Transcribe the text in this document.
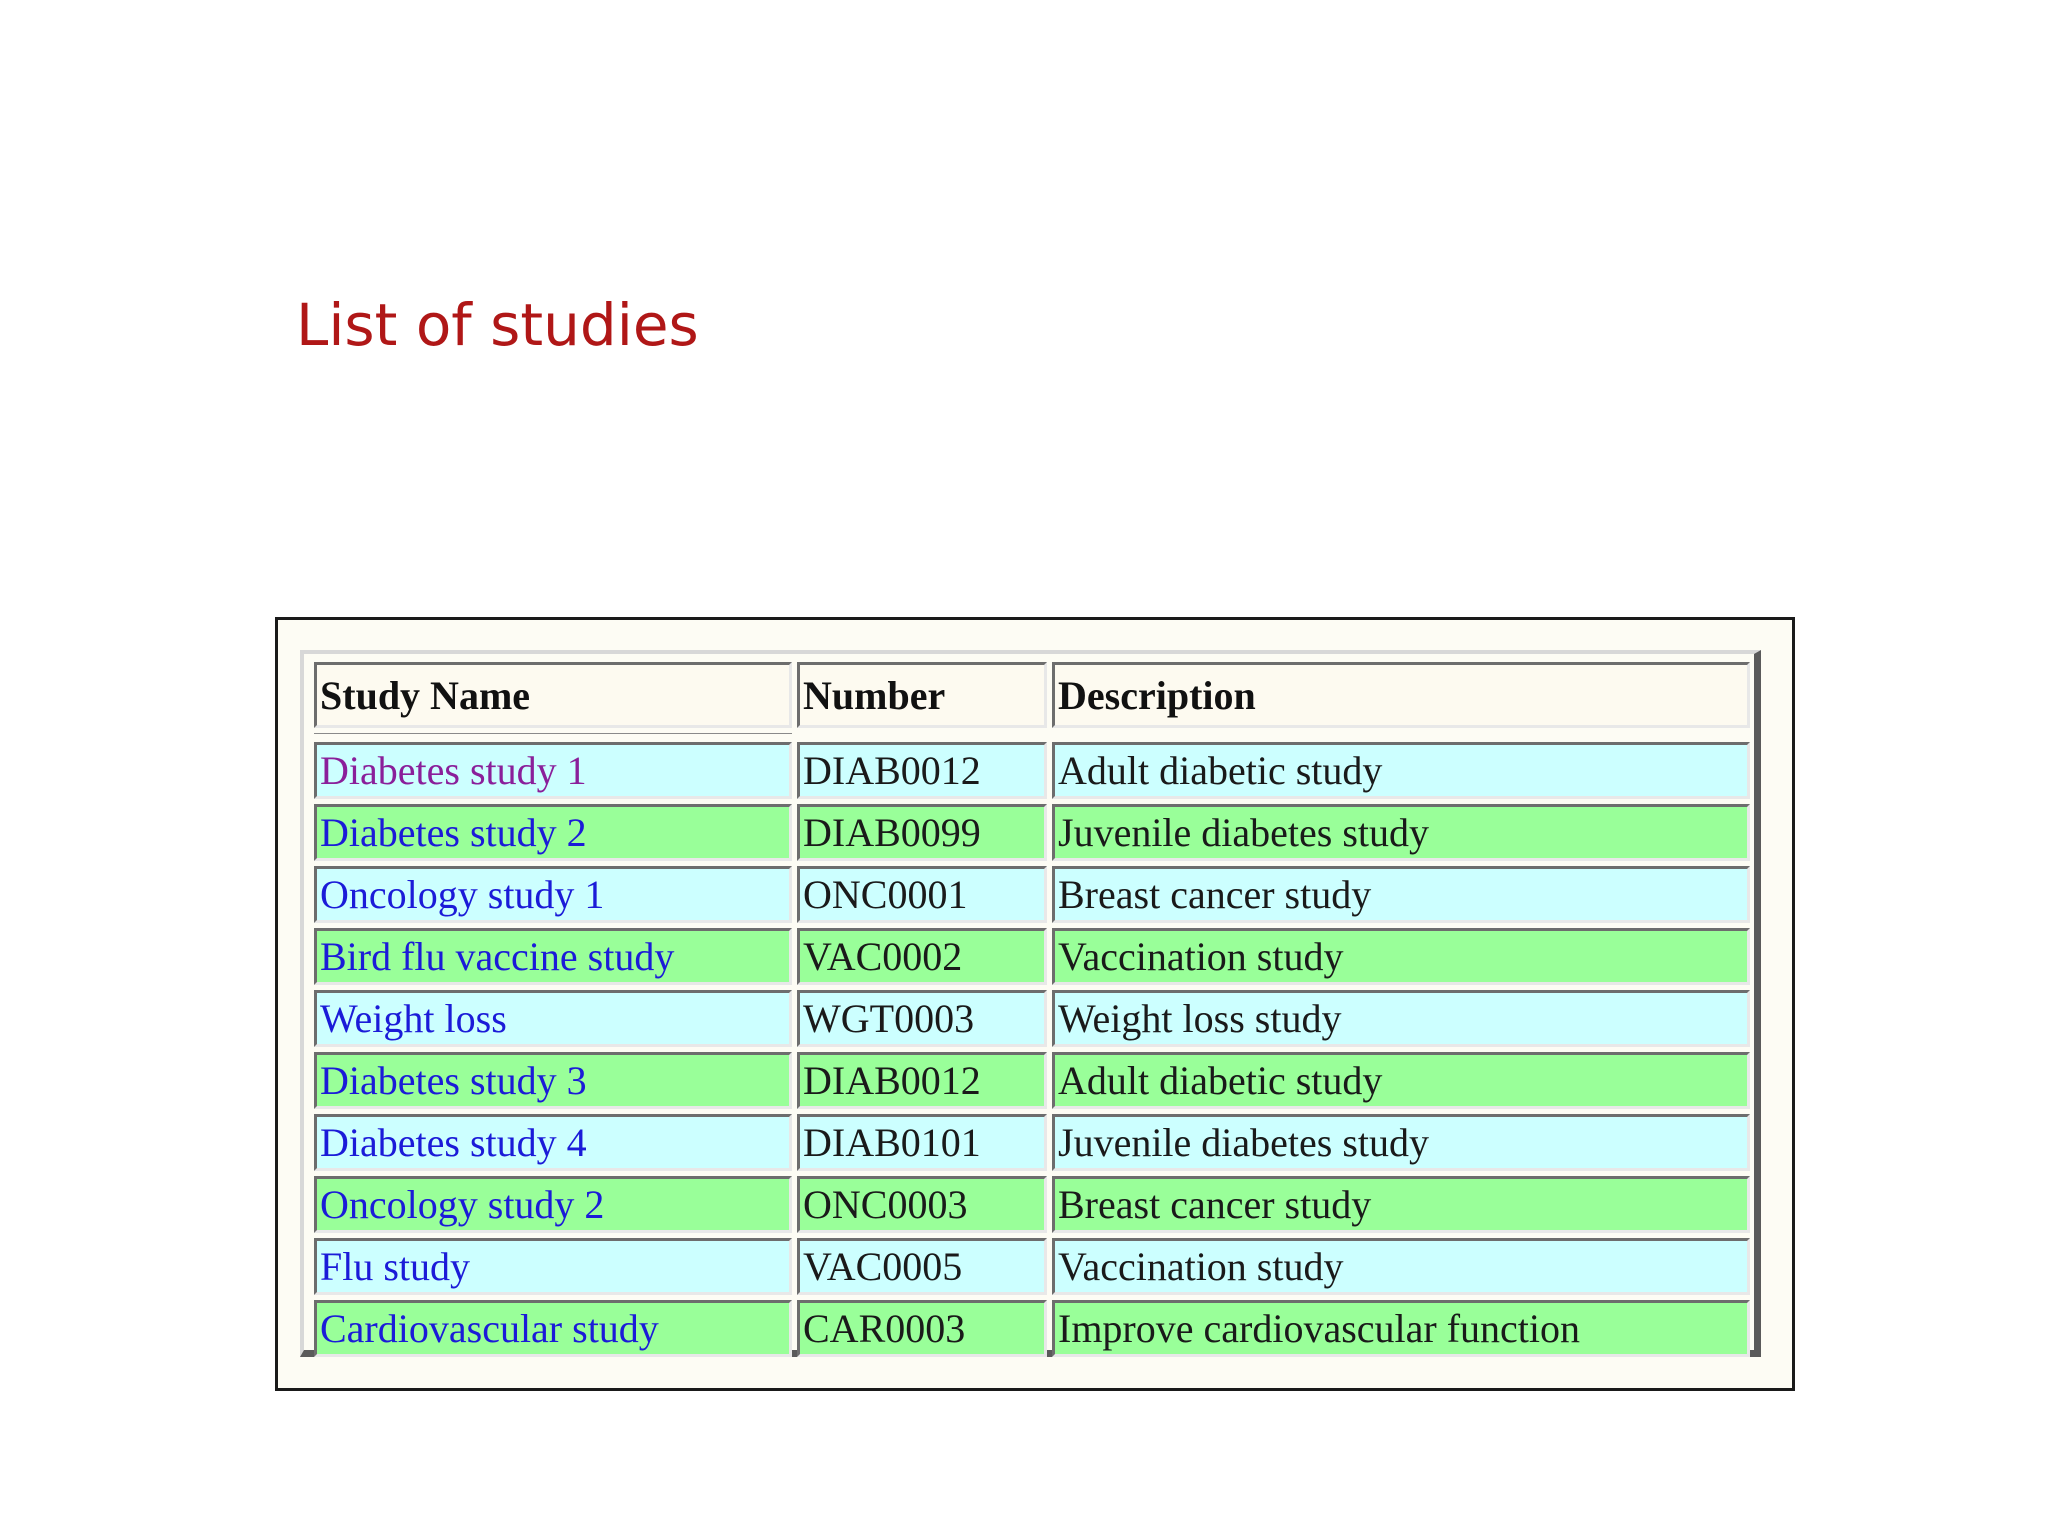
List of studies
Study Name	Number	Description

Diabetes study 1	DIAB0012	Adult diabetic study
Diabetes study 2	DIAB0099	Juvenile diabetes study
Oncology study 1	ONC0001	Breast cancer study
Bird flu vaccine study	VAC0002	Vaccination study
Weight loss	WGT0003	Weight loss study
Diabetes study 3	DIAB0012	Adult diabetic study
Diabetes study 4	DIAB0101	Juvenile diabetes study
Oncology study 2	ONC0003	Breast cancer study
Flu study	VAC0005	Vaccination study
Cardiovascular study	CAR0003	Improve cardiovascular function
